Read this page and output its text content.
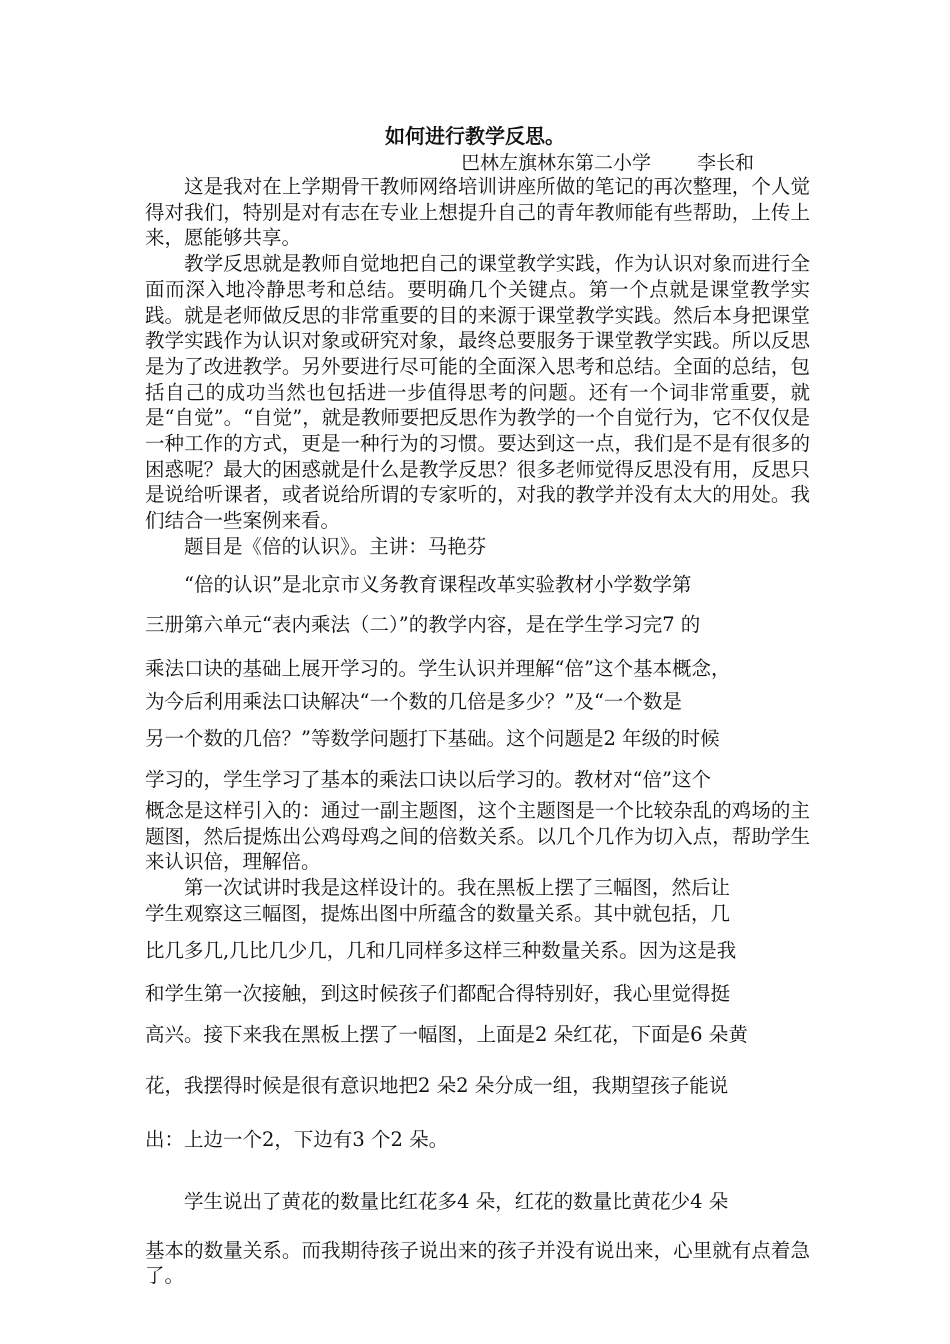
如何进行教学反思。
巴林左旗林东第二小学 李长和

这是我对在上学期骨干教师网络培训讲座所做的笔记的再次整理，个人觉得对我们，特别是对有志在专业上想提升自己的青年教师能有些帮助，上传上来，愿能够共享。

教学反思就是教师自觉地把自己的课堂教学实践，作为认识对象而进行全面而深入地冷静思考和总结。要明确几个关键点。第一个点就是课堂教学实践。就是老师做反思的非常重要的目的来源于课堂教学实践。然后本身把课堂教学实践作为认识对象或研究对象，最终总要服务于课堂教学实践。所以反思是为了改进教学。另外要进行尽可能的全面深入思考和总结。全面的总结，包括自己的成功当然也包括进一步值得思考的问题。还有一个词非常重要，就是“自觉”。“自觉”，就是教师要把反思作为教学的一个自觉行为，它不仅仅是一种工作的方式，更是一种行为的习惯。要达到这一点，我们是不是有很多的困惑呢？最大的困惑就是什么是教学反思？很多老师觉得反思没有用，反思只是说给听课者，或者说给所谓的专家听的，对我的教学并没有太大的用处。我们结合一些案例来看。

题目是《倍的认识》。主讲：马艳芬

“倍的认识”是北京市义务教育课程改革实验教材小学数学第

三册第六单元“表内乘法（二）”的教学内容，是在学生学习完7 的

乘法口诀的基础上展开学习的。学生认识并理解“倍”这个基本概念，

为今后利用乘法口诀解决“一个数的几倍是多少？”及“一个数是

另一个数的几倍？”等数学问题打下基础。这个问题是2 年级的时候

学习的，学生学习了基本的乘法口诀以后学习的。教材对“倍”这个

概念是这样引入的：通过一副主题图，这个主题图是一个比较杂乱的鸡场的主题图，然后提炼出公鸡母鸡之间的倍数关系。以几个几作为切入点，帮助学生来认识倍，理解倍。

第一次试讲时我是这样设计的。我在黑板上摆了三幅图，然后让

学生观察这三幅图，提炼出图中所蕴含的数量关系。其中就包括，几

比几多几,几比几少几，几和几同样多这样三种数量关系。因为这是我

和学生第一次接触，到这时候孩子们都配合得特别好，我心里觉得挺

高兴。接下来我在黑板上摆了一幅图，上面是2 朵红花，下面是6 朵黄

花，我摆得时候是很有意识地把2 朵2 朵分成一组，我期望孩子能说

出：上边一个2，下边有3 个2 朵。

学生说出了黄花的数量比红花多4 朵，红花的数量比黄花少4 朵

基本的数量关系。而我期待孩子说出来的孩子并没有说出来，心里就有点着急了。
